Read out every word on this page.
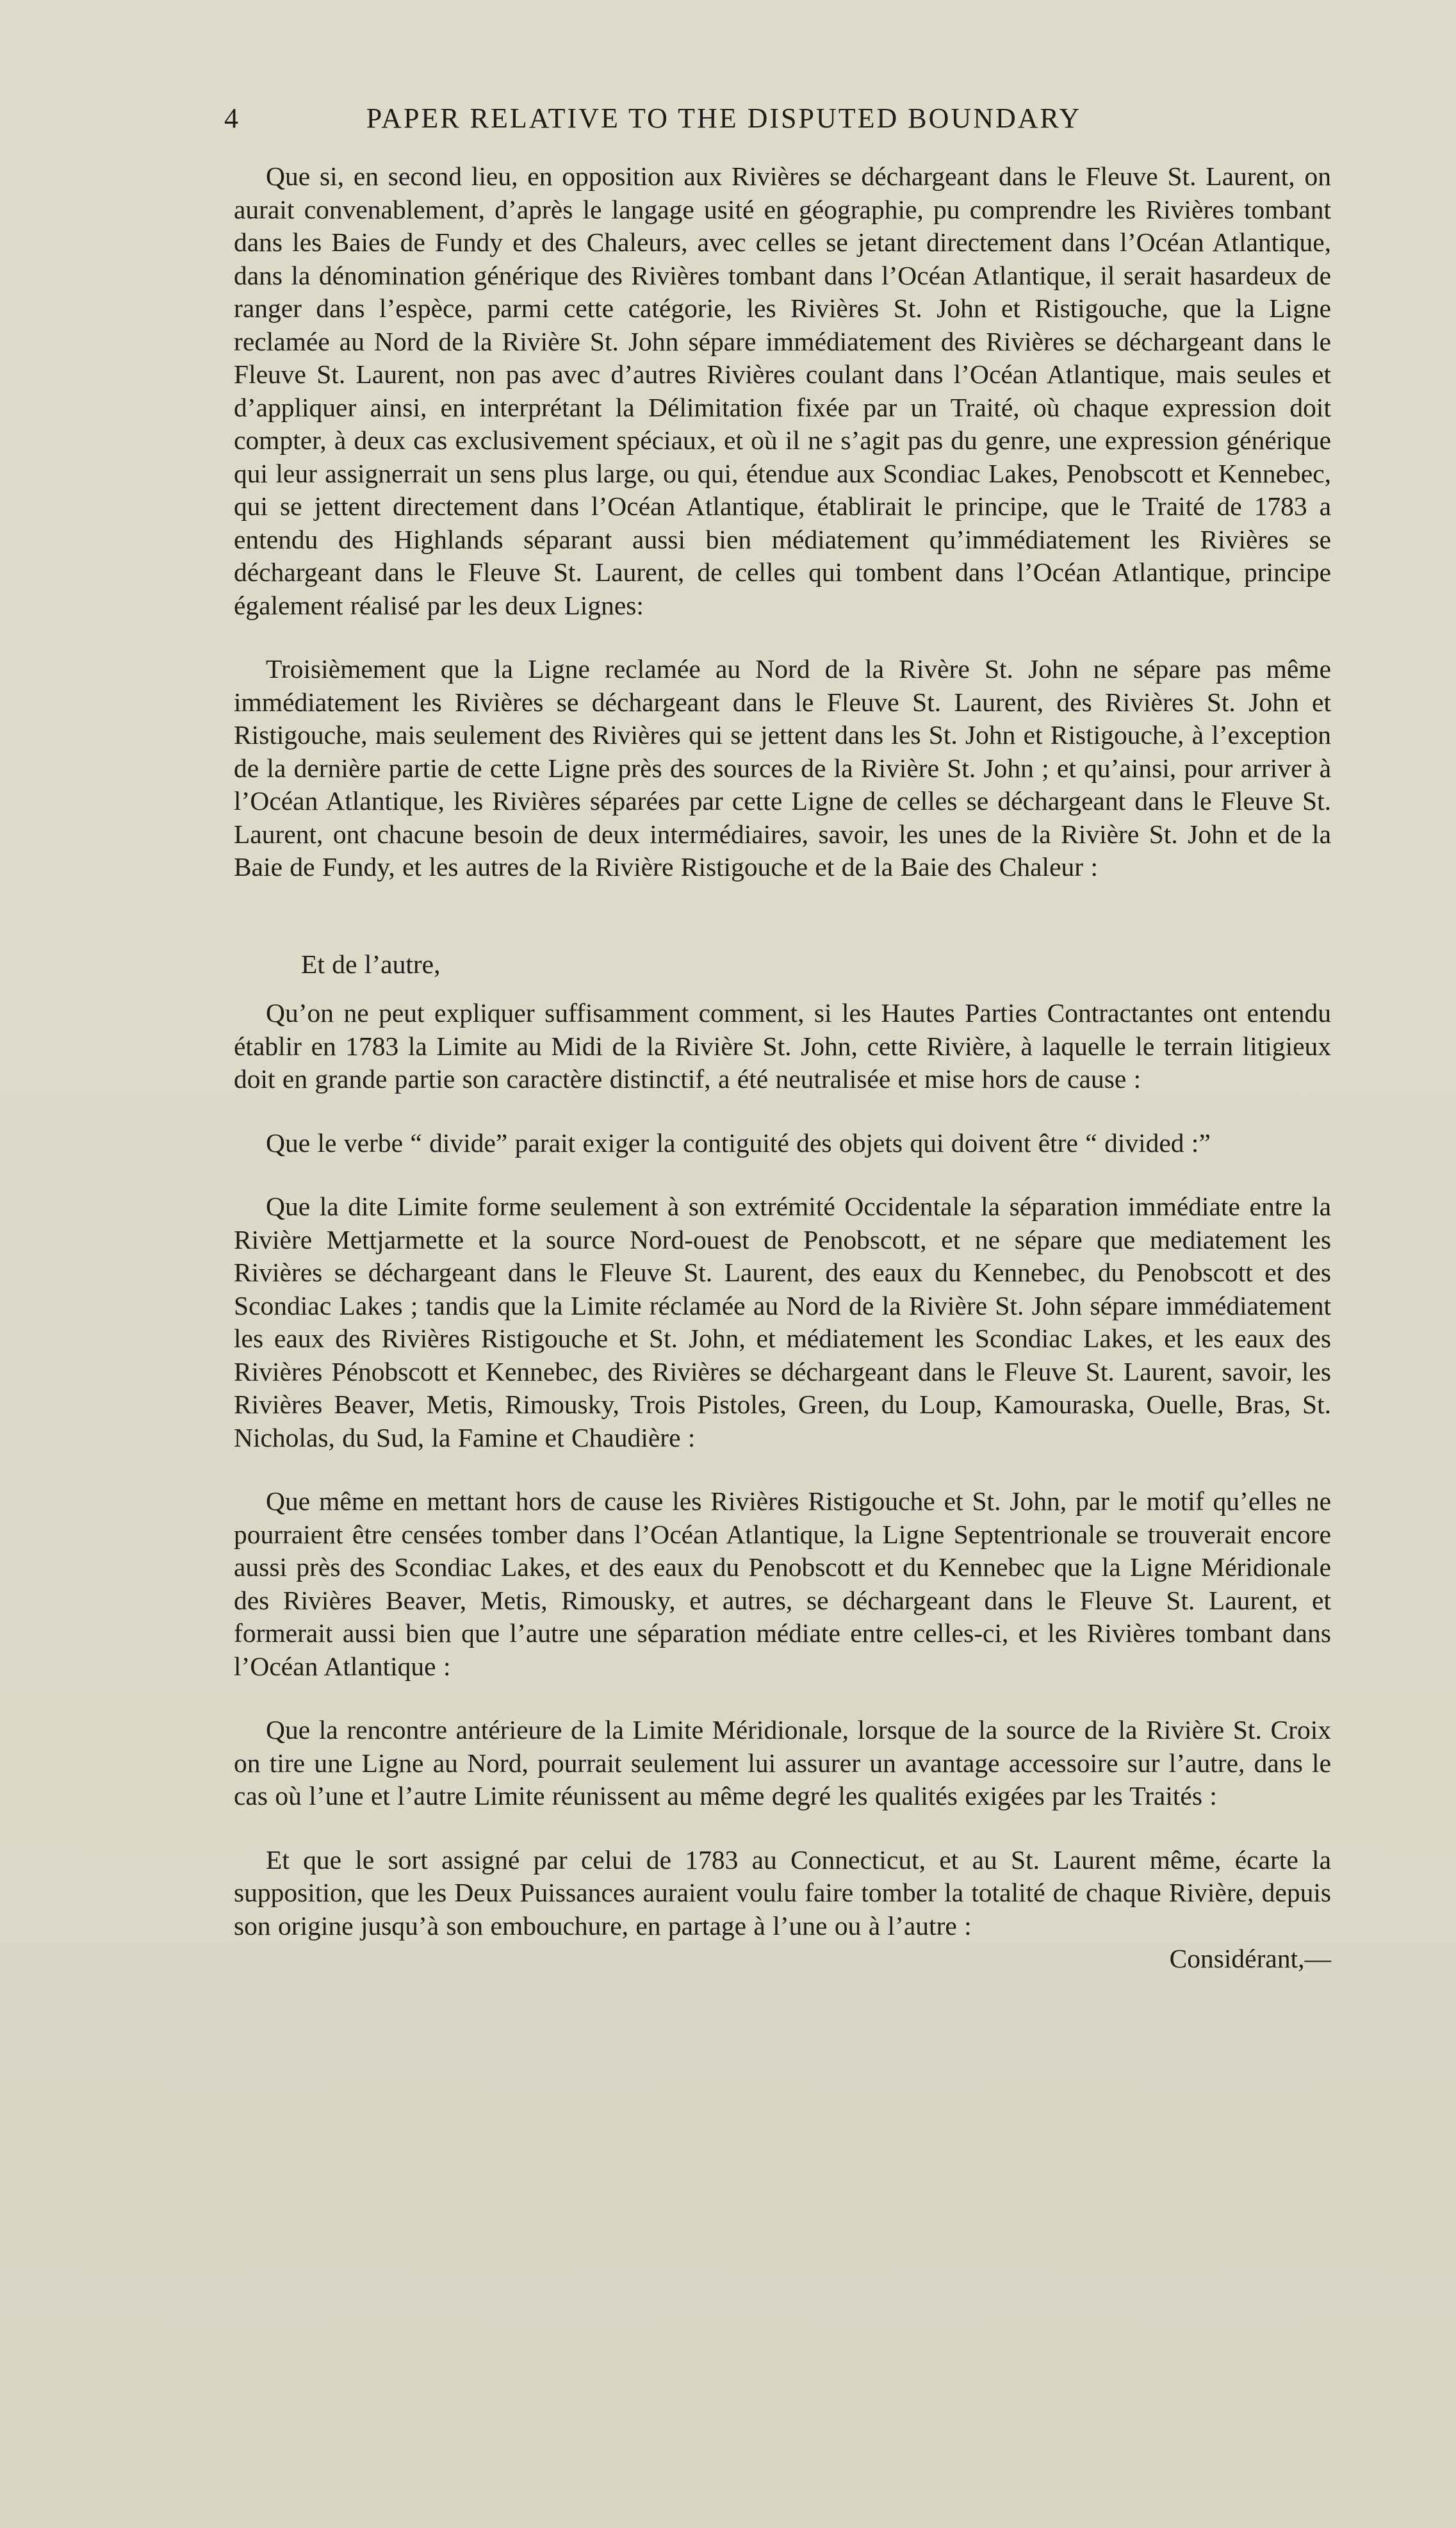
4	PAPER RELATIVE TO THE DISPUTED BOUNDARY

Que si, en second lieu, en opposition aux Rivières se déchargeant dans le Fleuve St. Laurent, on aurait convenablement, d’après le langage usité en géographie, pu comprendre les Rivières tombant dans les Baies de Fundy et des Chaleurs, avec celles se jetant directement dans l’Océan Atlantique, dans la dénomination générique des Rivières tombant dans l’Océan Atlantique, il serait hasardeux de ranger dans l’espèce, parmi cette catégorie, les Rivières St. John et Ristigouche, que la Ligne reclamée au Nord de la Rivière St. John sépare immédiatement des Rivières se déchargeant dans le Fleuve St. Laurent, non pas avec d’autres Rivières coulant dans l’Océan Atlantique, mais seules et d’appliquer ainsi, en interprétant la Délimitation fixée par un Traité, où chaque expression doit compter, à deux cas exclusivement spéciaux, et où il ne s’agit pas du genre, une expression générique qui leur assignerrait un sens plus large, ou qui, étendue aux Scondiac Lakes, Penobscott et Kennebec, qui se jettent directement dans l’Océan Atlantique, établirait le principe, que le Traité de 1783 a entendu des Highlands séparant aussi bien médiatement qu’immédiatement les Rivières se déchargeant dans le Fleuve St. Laurent, de celles qui tombent dans l’Océan Atlantique, principe également réalisé par les deux Lignes:

Troisièmement que la Ligne reclamée au Nord de la Rivère St. John ne sépare pas même immédiatement les Rivières se déchargeant dans le Fleuve St. Laurent, des Rivières St. John et Ristigouche, mais seulement des Rivières qui se jettent dans les St. John et Ristigouche, à l’exception de la dernière partie de cette Ligne près des sources de la Rivière St. John ; et qu’ainsi, pour arriver à l’Océan Atlantique, les Rivières séparées par cette Ligne de celles se déchargeant dans le Fleuve St. Laurent, ont chacune besoin de deux intermédiaires, savoir, les unes de la Rivière St. John et de la Baie de Fundy, et les autres de la Rivière Ristigouche et de la Baie des Chaleur :

Et de l’autre,

Qu’on ne peut expliquer suffisamment comment, si les Hautes Parties Contractantes ont entendu établir en 1783 la Limite au Midi de la Rivière St. John, cette Rivière, à laquelle le terrain litigieux doit en grande partie son caractère distinctif, a été neutralisée et mise hors de cause :

Que le verbe “ divide” parait exiger la contiguité des objets qui doivent être “ divided :”

Que la dite Limite forme seulement à son extrémité Occidentale la séparation immédiate entre la Rivière Mettjarmette et la source Nord-ouest de Penobscott, et ne sépare que mediatement les Rivières se déchargeant dans le Fleuve St. Laurent, des eaux du Kennebec, du Penobscott et des Scondiac Lakes ; tandis que la Limite réclamée au Nord de la Rivière St. John sépare immédiatement les eaux des Rivières Ristigouche et St. John, et médiatement les Scondiac Lakes, et les eaux des Rivières Pénobscott et Kennebec, des Rivières se déchargeant dans le Fleuve St. Laurent, savoir, les Rivières Beaver, Metis, Rimousky, Trois Pistoles, Green, du Loup, Kamouraska, Ouelle, Bras, St. Nicholas, du Sud, la Famine et Chaudière :

Que même en mettant hors de cause les Rivières Ristigouche et St. John, par le motif qu’elles ne pourraient être censées tomber dans l’Océan Atlantique, la Ligne Septentrionale se trouverait encore aussi près des Scondiac Lakes, et des eaux du Penobscott et du Kennebec que la Ligne Méridionale des Rivières Beaver, Metis, Rimousky, et autres, se déchargeant dans le Fleuve St. Laurent, et formerait aussi bien que l’autre une séparation médiate entre celles-ci, et les Rivières tombant dans l’Océan Atlantique :

Que la rencontre antérieure de la Limite Méridionale, lorsque de la source de la Rivière St. Croix on tire une Ligne au Nord, pourrait seulement lui assurer un avantage accessoire sur l’autre, dans le cas où l’une et l’autre Limite réunissent au même degré les qualités exigées par les Traités :

Et que le sort assigné par celui de 1783 au Connecticut, et au St. Laurent même, écarte la supposition, que les Deux Puissances auraient voulu faire tomber la totalité de chaque Rivière, depuis son origine jusqu’à son embouchure, en partage à l’une ou à l’autre :

Considérant,—
